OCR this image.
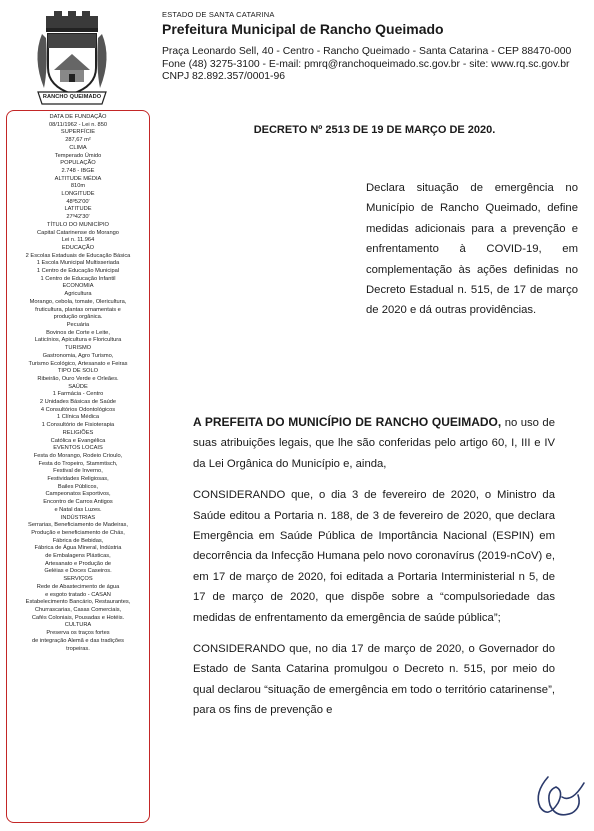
RANCHO QUEIMADO
ESTADO DE SANTA CATARINA
Prefeitura Municipal de Rancho Queimado
Praça Leonardo Sell, 40 - Centro - Rancho Queimado - Santa Catarina - CEP 88470-000
Fone (48) 3275-3100 - E-mail: pmrq@ranchoqueimado.sc.gov.br - site: www.rq.sc.gov.br
CNPJ 82.892.357/0001-96
DATA DE FUNDAÇÃO
08/11/1962 - Lei n. 850
SUPERFÍCIE
287,67 m²
CLIMA
Temperado Úmido
POPULAÇÃO
2.748 - IBGE
ALTITUDE MÉDIA
810m
LONGITUDE
48º52'00'
LATITUDE
27º42'30'
TÍTULO DO MUNICÍPIO
Capital Catarinense do Morango
Lei n. 11.964
EDUCAÇÃO
2 Escolas Estaduais de Educação Básica
1 Escola Municipal Multisseriada
1 Centro de Educação Municipal
1 Centro de Educação Infantil
ECONOMIA
Agricultura
Morango, cebola, tomate, Olericultura,
fruticultura, plantas ornamentais e
produção orgânica.
Pecuária
Bovinos de Corte e Leite,
Laticínios, Apicultura e Floricultura
TURISMO
Gastronomia, Agro Turismo,
Turismo Ecológico, Artesanato e Feiras
TIPO DE SOLO
Ribeirão, Ouro Verde e Orleães.
SAÚDE
1 Farmácia - Centro
2 Unidades Básicas de Saúde
4 Consultórios Odontológicos
1 Clínica Médica
1 Consultório de Fisioterapia
RELIGIÕES
Católica e Evangélica
EVENTOS LOCAIS
Festa do Morango, Rodeio Crioulo,
Festa do Tropeiro, Stammtisch,
Festival de Inverno,
Festividades Religiosas,
Bailes Públicos,
Campeonatos Esportivos,
Encontro de Carros Antigos
e Natal das Luzes.
INDÚSTRIAS
Serrarias, Beneficiamento de Madeiras,
Produção e beneficiamento de Chás,
Fábrica de Bebidas,
Fábrica de Água Mineral, Indústria
de Embalagens Plásticas,
Artesanato e Produção de
Geléias e Doces Caseiros.
SERVIÇOS
Rede de Abastecimento de água
e esgoto tratado - CASAN
Estabelecimento Bancário, Restaurantes,
Churrascarias, Casas Comerciais,
Cafés Coloniais, Pousadas e Hotéis.
CULTURA
Preserva os traços fortes
de integração Alemã e das tradições
tropeiras.
DECRETO Nº 2513 DE 19 DE MARÇO DE 2020.
Declara situação de emergência no Município de Rancho Queimado, define medidas adicionais para a prevenção e enfrentamento à COVID-19, em complementação às ações definidas no Decreto Estadual n. 515, de 17 de março de 2020 e dá outras providências.

A PREFEITA DO MUNICÍPIO DE RANCHO QUEIMADO, no uso de suas atribuições legais, que lhe são conferidas pelo artigo 60, I, III e IV da Lei Orgânica do Município e, ainda,

CONSIDERANDO que, o dia 3 de fevereiro de 2020, o Ministro da Saúde editou a Portaria n. 188, de 3 de fevereiro de 2020, que declara Emergência em Saúde Pública de Importância Nacional (ESPIN) em decorrência da Infecção Humana pelo novo coronavírus (2019-nCoV) e, em 17 de março de 2020, foi editada a Portaria Interministerial n 5, de 17 de março de 2020, que dispõe sobre a “compulsoriedade das medidas de enfrentamento da emergência de saúde pública”;

CONSIDERANDO que, no dia 17 de março de 2020, o Governador do Estado de Santa Catarina promulgou o Decreto n. 515, por meio do qual declarou “situação de emergência em todo o território catarinense”, para os fins de prevenção e
